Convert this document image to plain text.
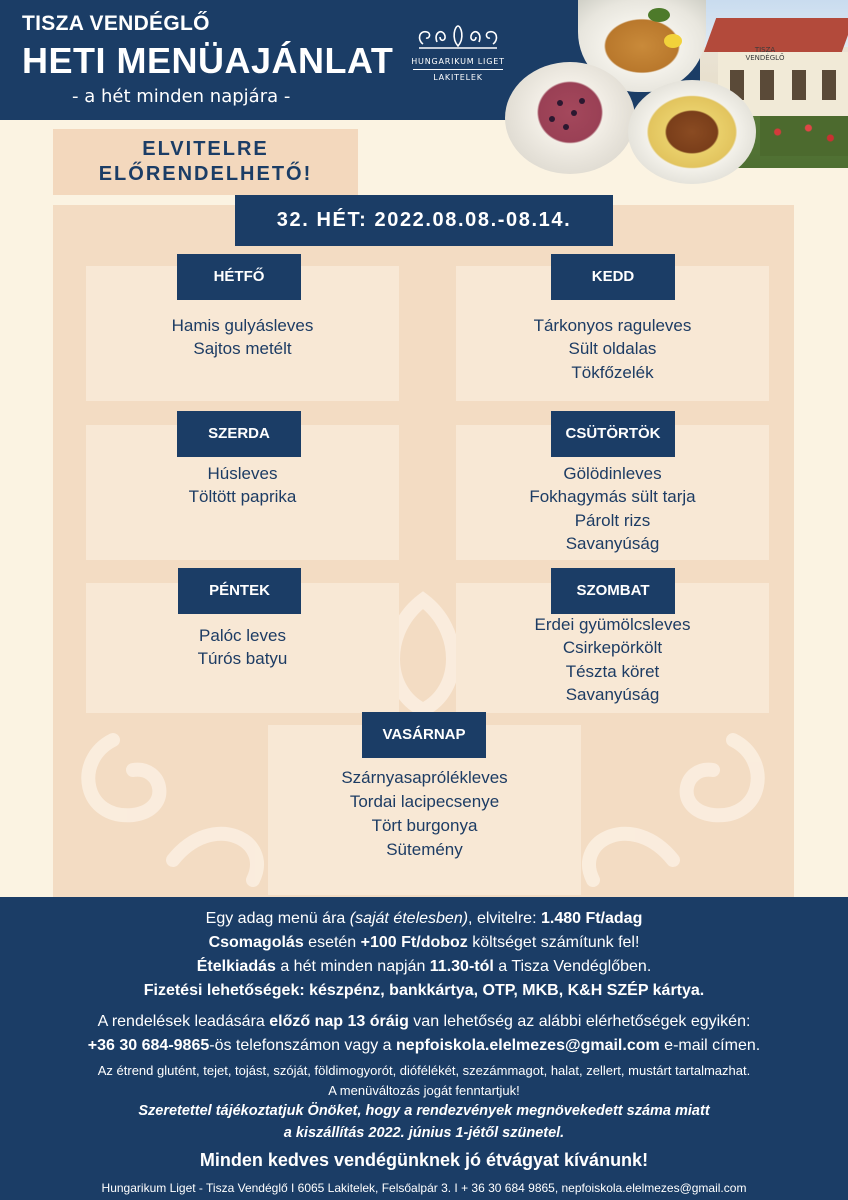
TISZA VENDÉGLŐ
HETI MENÜAJÁNLAT
- a hét minden napjára -
HUNGARIKUM LIGET
LAKITELEK
TISZA VENDÉGLŐ
ELVITELRE
ELŐRENDELHETŐ!
32. HÉT: 2022.08.08.-08.14.
HÉTFŐ
Hamis gulyásleves
Sajtos metélt
KEDD
Tárkonyos raguleves
Sült oldalas
Tökfőzelék
SZERDA
Húsleves
Töltött paprika
CSÜTÖRTÖK
Gölödinleves
Fokhagymás sült tarja
Párolt rizs
Savanyúság
PÉNTEK
Palóc leves
Túrós batyu
SZOMBAT
Erdei gyümölcsleves
Csirkepörkölt
Tészta köret
Savanyúság
VASÁRNAP
Szárnyasaprólékleves
Tordai lacipecsenye
Tört burgonya
Sütemény
Egy adag menü ára (saját ételesben), elvitelre: 1.480 Ft/adag
Csomagolás esetén +100 Ft/doboz költséget számítunk fel!
Ételkiadás a hét minden napján 11.30-tól a Tisza Vendéglőben.
Fizetési lehetőségek: készpénz, bankkártya, OTP, MKB, K&H SZÉP kártya.
A rendelések leadására előző nap 13 óráig van lehetőség az alábbi elérhetőségek egyikén:
+36 30 684-9865-ös telefonszámon vagy a nepfoiskola.elelmezes@gmail.com e-mail címen.
Az étrend glutént, tejet, tojást, szóját, földimogyorót, diófélékét, szezámmagot, halat, zellert, mustárt tartalmazhat.
A menüváltozás jogát fenntartjuk!
Szeretettel tájékoztatjuk Önöket, hogy a rendezvények megnövekedett száma miatt
a kiszállítás 2022. június 1-jétől szünetel.
Minden kedves vendégünknek jó étvágyat kívánunk!
Hungarikum Liget - Tisza Vendéglő I 6065 Lakitelek, Felsőalpár 3. I + 36 30 684 9865, nepfoiskola.elelmezes@gmail.com
